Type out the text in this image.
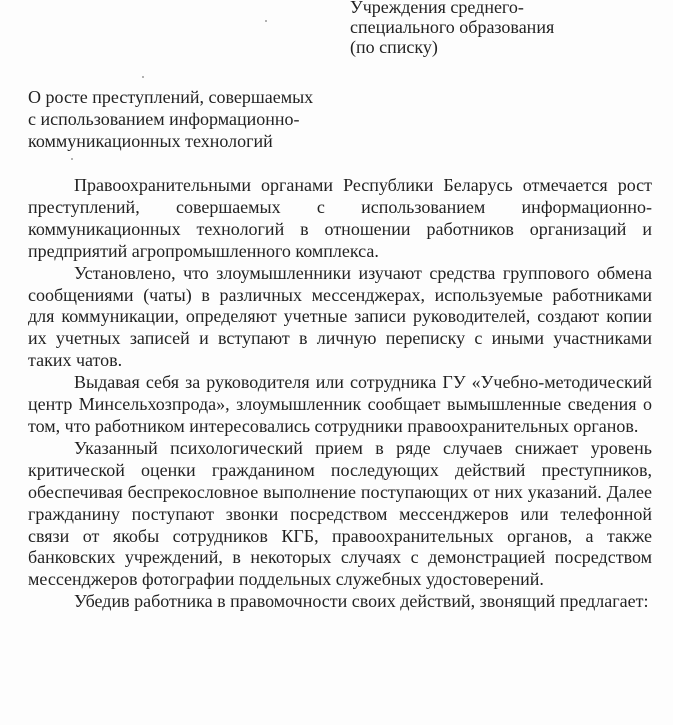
Учреждения среднего-
специального образования
(по списку)
О росте преступлений, совершаемых
с использованием информационно-
коммуникационных технологий

Правоохранительными органами Республики Беларусь отмечается рост преступлений, совершаемых с использованием информационно-коммуникационных технологий в отношении работников организаций и предприятий агропромышленного комплекса.

Установлено, что злоумышленники изучают средства группового обмена сообщениями (чаты) в различных мессенджерах, используемые работниками для коммуникации, определяют учетные записи руководителей, создают копии их учетных записей и вступают в личную переписку с иными участниками таких чатов.

Выдавая себя за руководителя или сотрудника ГУ «Учебно-методический центр Минсельхозпрода», злоумышленник сообщает вымышленные сведения о том, что работником интересовались сотрудники правоохранительных органов.

Указанный психологический прием в ряде случаев снижает уровень критической оценки гражданином последующих действий преступников, обеспечивая беспрекословное выполнение поступающих от них указаний. Далее гражданину поступают звонки посредством мессенджеров или телефонной связи от якобы сотрудников КГБ, правоохранительных органов, а также банковских учреждений, в некоторых случаях с демонстрацией посредством мессенджеров фотографии поддельных служебных удостоверений.

Убедив работника в правомочности своих действий, звонящий предлагает:
